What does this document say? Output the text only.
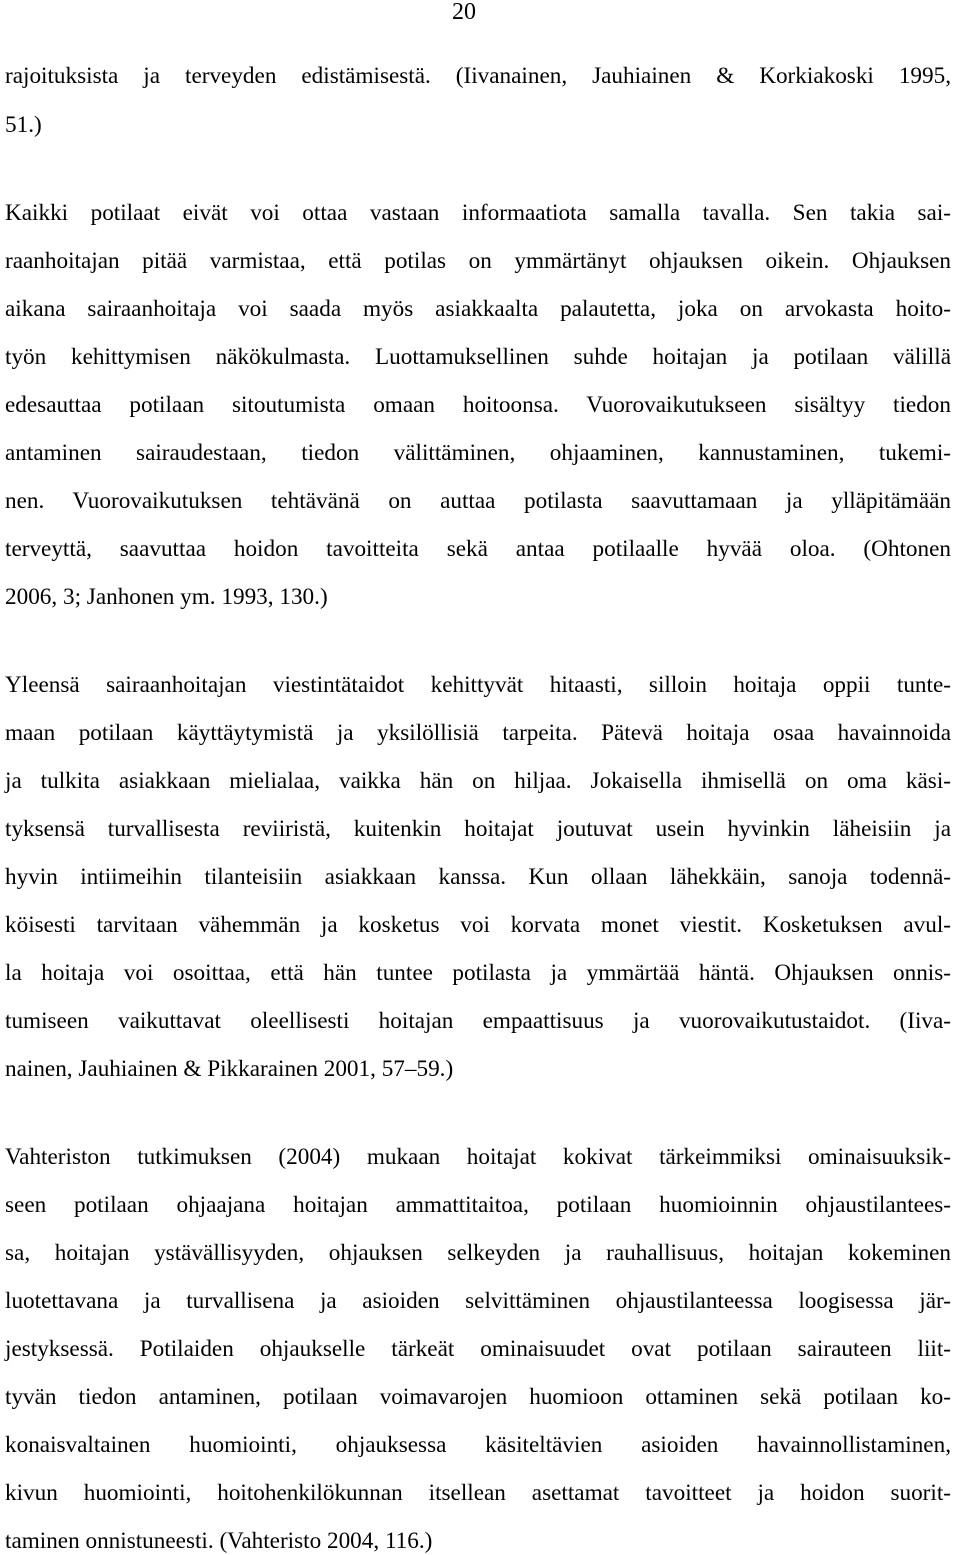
20
rajoituksista ja terveyden edistämisestä. (Iivanainen, Jauhiainen & Korkiakoski 1995,
51.)
Kaikki potilaat eivät voi ottaa vastaan informaatiota samalla tavalla. Sen takia sai-
raanhoitajan pitää varmistaa, että potilas on ymmärtänyt ohjauksen oikein. Ohjauksen
aikana sairaanhoitaja voi saada myös asiakkaalta palautetta, joka on arvokasta hoito-
työn kehittymisen näkökulmasta. Luottamuksellinen suhde hoitajan ja potilaan välillä
edesauttaa potilaan sitoutumista omaan hoitoonsa. Vuorovaikutukseen sisältyy tiedon
antaminen sairaudestaan, tiedon välittäminen, ohjaaminen, kannustaminen, tukemi-
nen. Vuorovaikutuksen tehtävänä on auttaa potilasta saavuttamaan ja ylläpitämään
terveyttä, saavuttaa hoidon tavoitteita sekä antaa potilaalle hyvää oloa. (Ohtonen
2006, 3; Janhonen ym. 1993, 130.)
Yleensä sairaanhoitajan viestintätaidot kehittyvät hitaasti, silloin hoitaja oppii tunte-
maan potilaan käyttäytymistä ja yksilöllisiä tarpeita. Pätevä hoitaja osaa havainnoida
ja tulkita asiakkaan mielialaa, vaikka hän on hiljaa. Jokaisella ihmisellä on oma käsi-
tyksensä turvallisesta reviiristä, kuitenkin hoitajat joutuvat usein hyvinkin läheisiin ja
hyvin intiimeihin tilanteisiin asiakkaan kanssa. Kun ollaan lähekkäin, sanoja todennä-
köisesti tarvitaan vähemmän ja kosketus voi korvata monet viestit. Kosketuksen avul-
la hoitaja voi osoittaa, että hän tuntee potilasta ja ymmärtää häntä. Ohjauksen onnis-
tumiseen vaikuttavat oleellisesti hoitajan empaattisuus ja vuorovaikutustaidot. (Iiva-
nainen, Jauhiainen & Pikkarainen 2001, 57–59.)
Vahteriston tutkimuksen (2004) mukaan hoitajat kokivat tärkeimmiksi ominaisuuksik-
seen potilaan ohjaajana hoitajan ammattitaitoa, potilaan huomioinnin ohjaustilantees-
sa, hoitajan ystävällisyyden, ohjauksen selkeyden ja rauhallisuus, hoitajan kokeminen
luotettavana ja turvallisena ja asioiden selvittäminen ohjaustilanteessa loogisessa jär-
jestyksessä. Potilaiden ohjaukselle tärkeät ominaisuudet ovat potilaan sairauteen liit-
tyvän tiedon antaminen, potilaan voimavarojen huomioon ottaminen sekä potilaan ko-
konaisvaltainen huomiointi, ohjauksessa käsiteltävien asioiden havainnollistaminen,
kivun huomiointi, hoitohenkilökunnan itsellean asettamat tavoitteet ja hoidon suorit-
taminen onnistuneesti. (Vahteristo 2004, 116.)
